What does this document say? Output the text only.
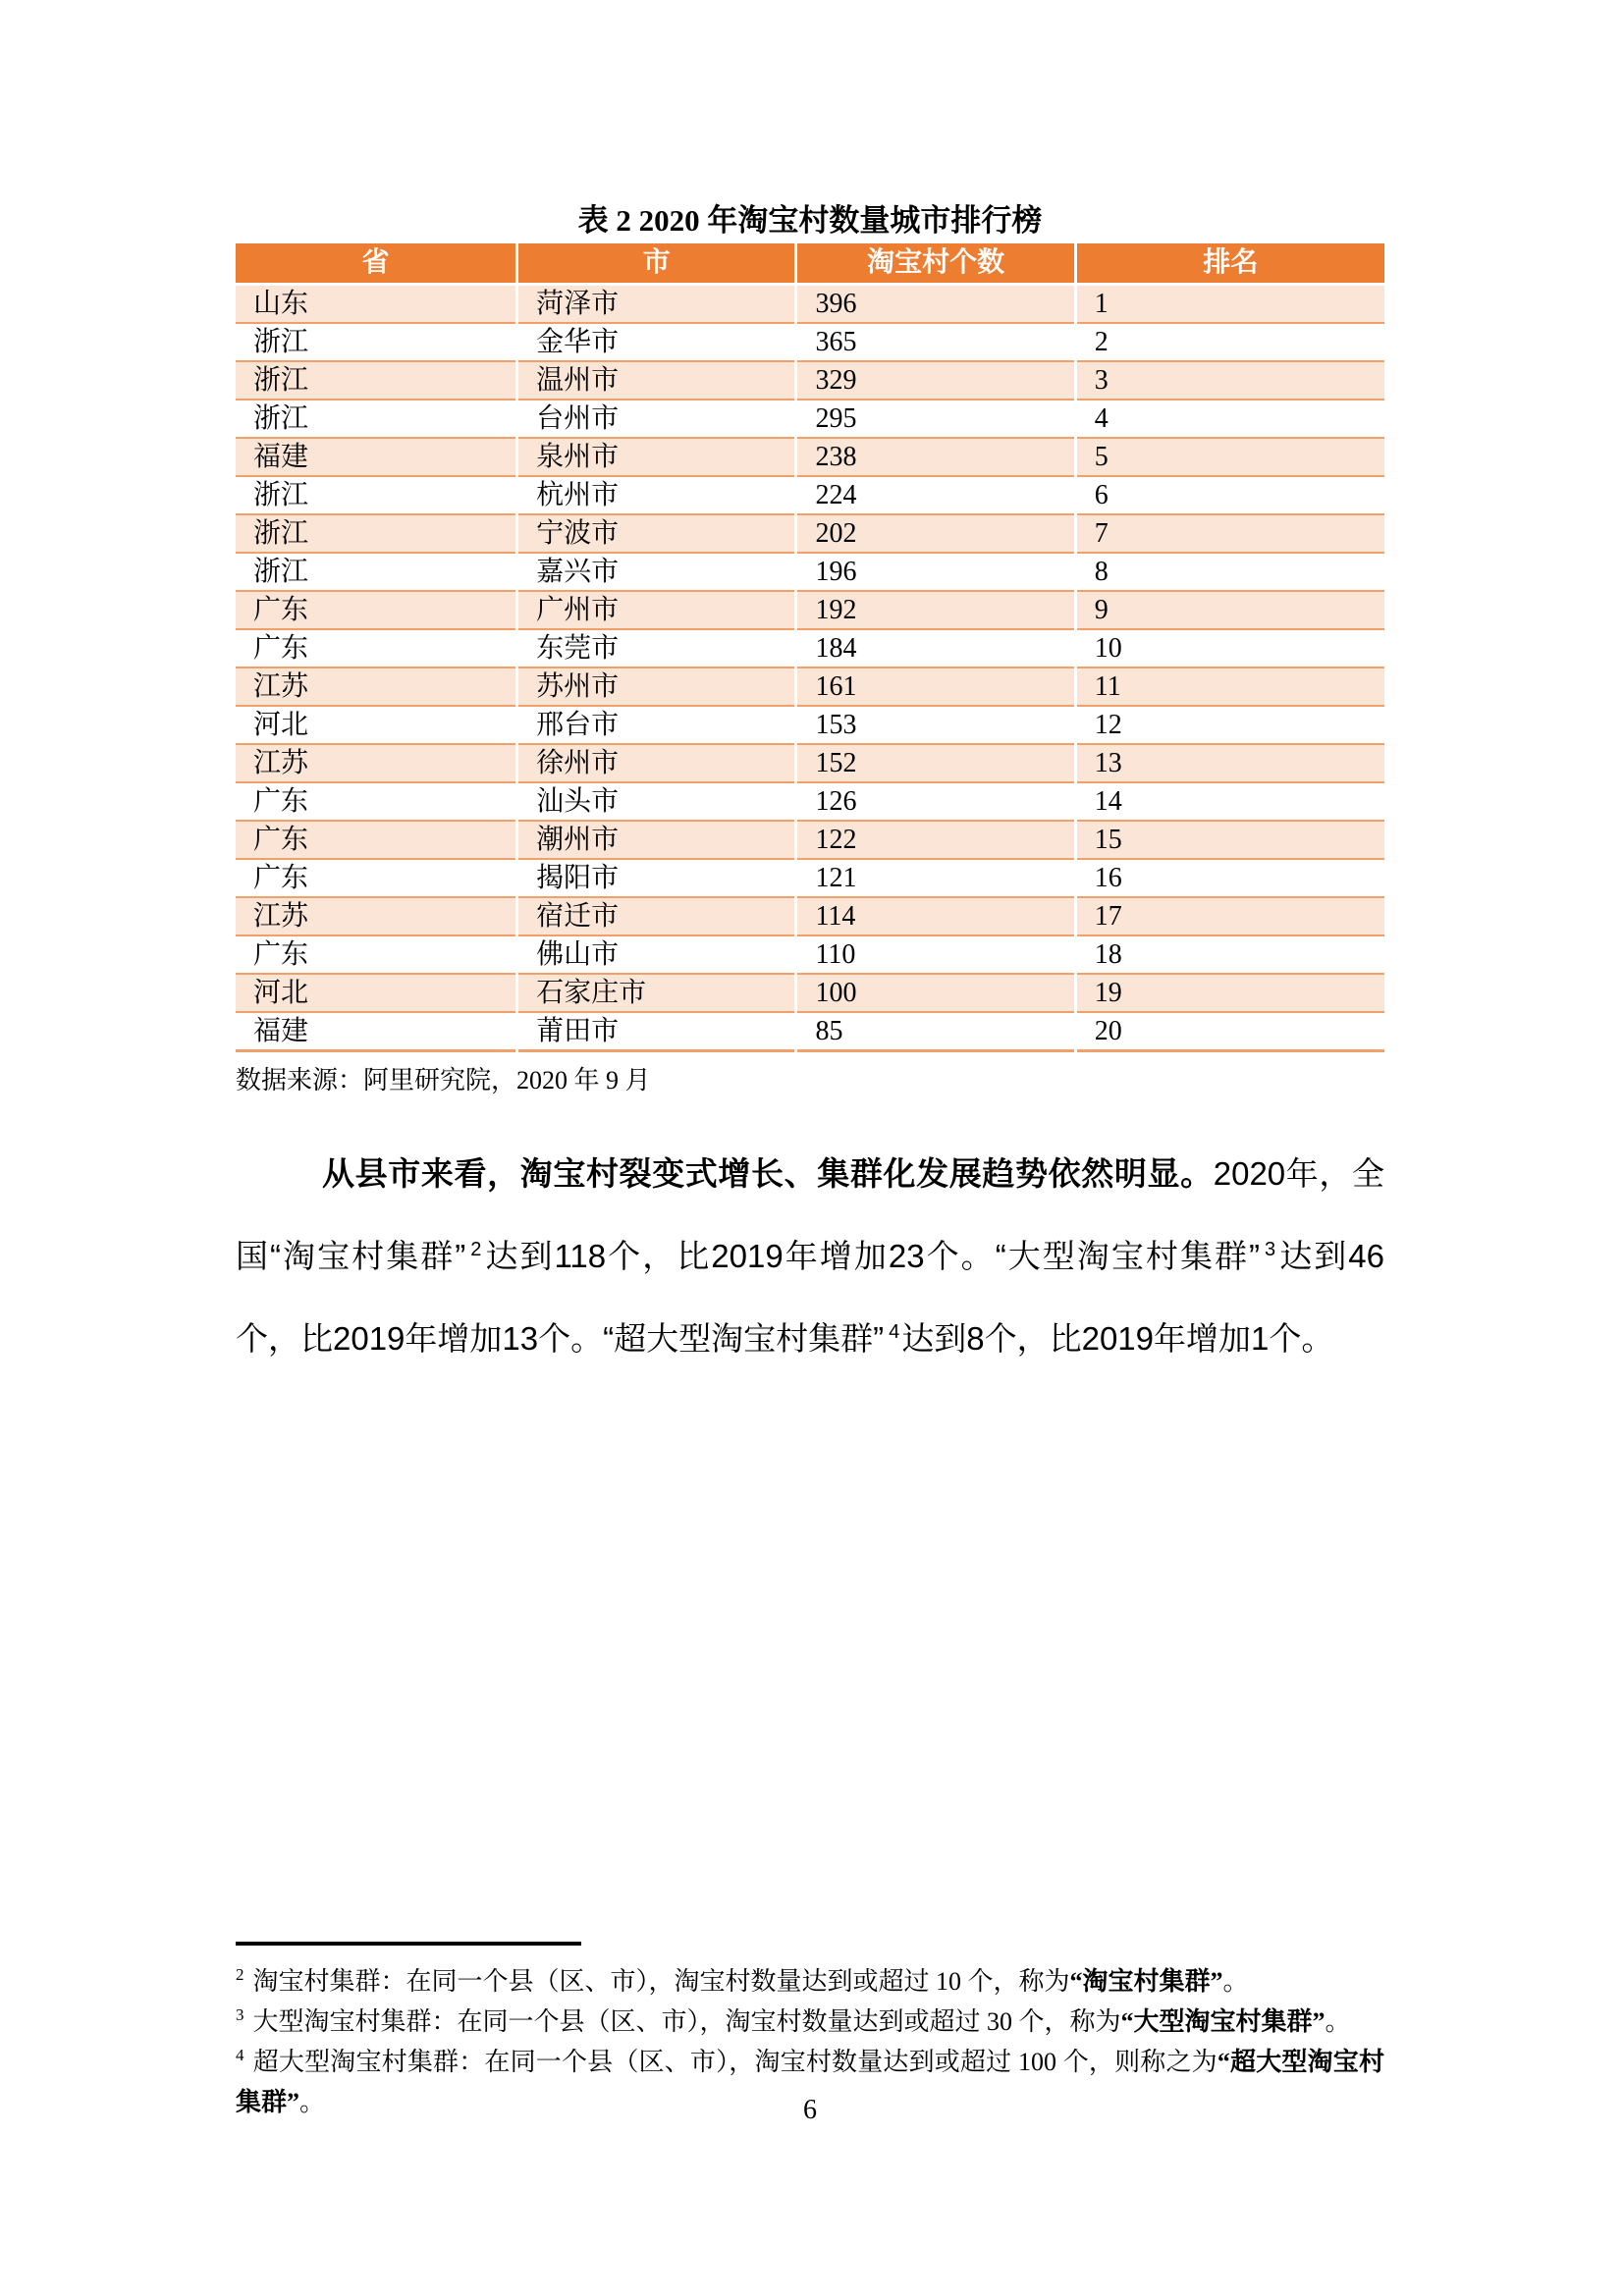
表 2 2020 年淘宝村数量城市排行榜
省	市	淘宝村个数	排名
山东	菏泽市	396	1
浙江	金华市	365	2
浙江	温州市	329	3
浙江	台州市	295	4
福建	泉州市	238	5
浙江	杭州市	224	6
浙江	宁波市	202	7
浙江	嘉兴市	196	8
广东	广州市	192	9
广东	东莞市	184	10
江苏	苏州市	161	11
河北	邢台市	153	12
江苏	徐州市	152	13
广东	汕头市	126	14
广东	潮州市	122	15
广东	揭阳市	121	16
江苏	宿迁市	114	17
广东	佛山市	110	18
河北	石家庄市	100	19
福建	莆田市	85	20
数据来源：阿里研究院，2020 年 9 月

从县市来看，淘宝村裂变式增长、集群化发展趋势依然明显。2020年，全国“淘宝村集群” $^2$达到118个，比2019年增加23个。“大型淘宝村集群” $^3$达到46个，比2019年增加13个。“超大型淘宝村集群” $^4$达到8个，比2019年增加1个。

$^2$ 淘宝村集群：在同一个县（区、市），淘宝村数量达到或超过 10 个，称为“淘宝村集群”。
$^3$ 大型淘宝村集群：在同一个县（区、市），淘宝村数量达到或超过 30 个，称为“大型淘宝村集群”。
$^4$ 超大型淘宝村集群：在同一个县（区、市），淘宝村数量达到或超过 100 个，则称之为“超大型淘宝村集群”。	6
